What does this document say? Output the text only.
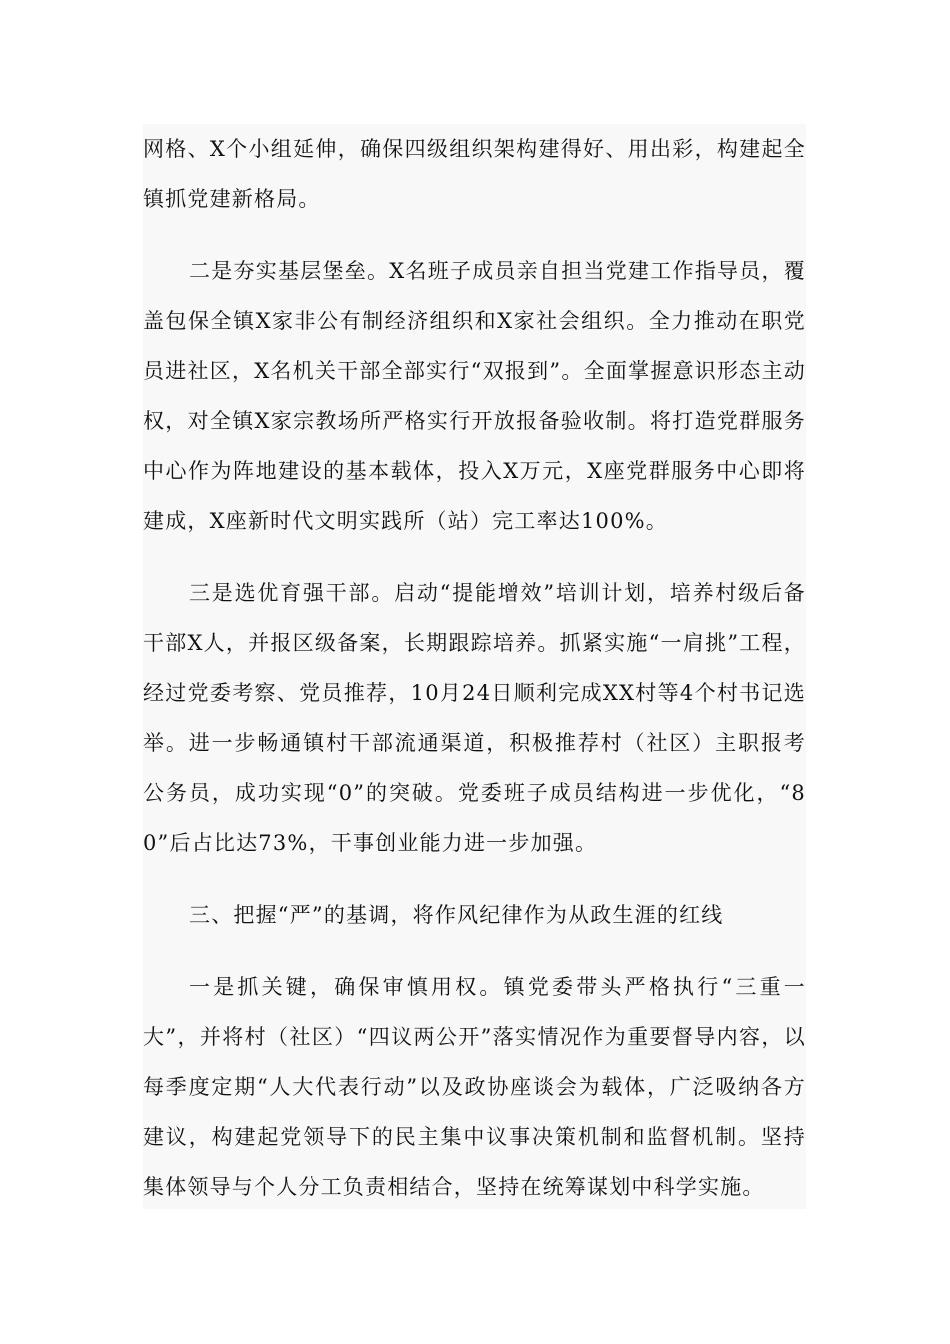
网格、X个小组延伸，确保四级组织架构建得好、用出彩，构建起全镇抓党建新格局。

二是夯实基层堡垒。X名班子成员亲自担当党建工作指导员，覆盖包保全镇X家非公有制经济组织和X家社会组织。全力推动在职党员进社区，X名机关干部全部实行“双报到”。全面掌握意识形态主动权，对全镇X家宗教场所严格实行开放报备验收制。将打造党群服务中心作为阵地建设的基本载体，投入X万元，X座党群服务中心即将建成，X座新时代文明实践所（站）完工率达100%。

三是选优育强干部。启动“提能增效”培训计划，培养村级后备干部X人，并报区级备案，长期跟踪培养。抓紧实施“一肩挑”工程，经过党委考察、党员推荐，10月24日顺利完成XX村等4个村书记选举。进一步畅通镇村干部流通渠道，积极推荐村（社区）主职报考公务员，成功实现“0”的突破。党委班子成员结构进一步优化，“80”后占比达73%，干事创业能力进一步加强。

三、把握“严”的基调，将作风纪律作为从政生涯的红线

一是抓关键，确保审慎用权。镇党委带头严格执行“三重一大”，并将村（社区）“四议两公开”落实情况作为重要督导内容，以每季度定期“人大代表行动”以及政协座谈会为载体，广泛吸纳各方建议，构建起党领导下的民主集中议事决策机制和监督机制。坚持集体领导与个人分工负责相结合，坚持在统筹谋划中科学实施。
